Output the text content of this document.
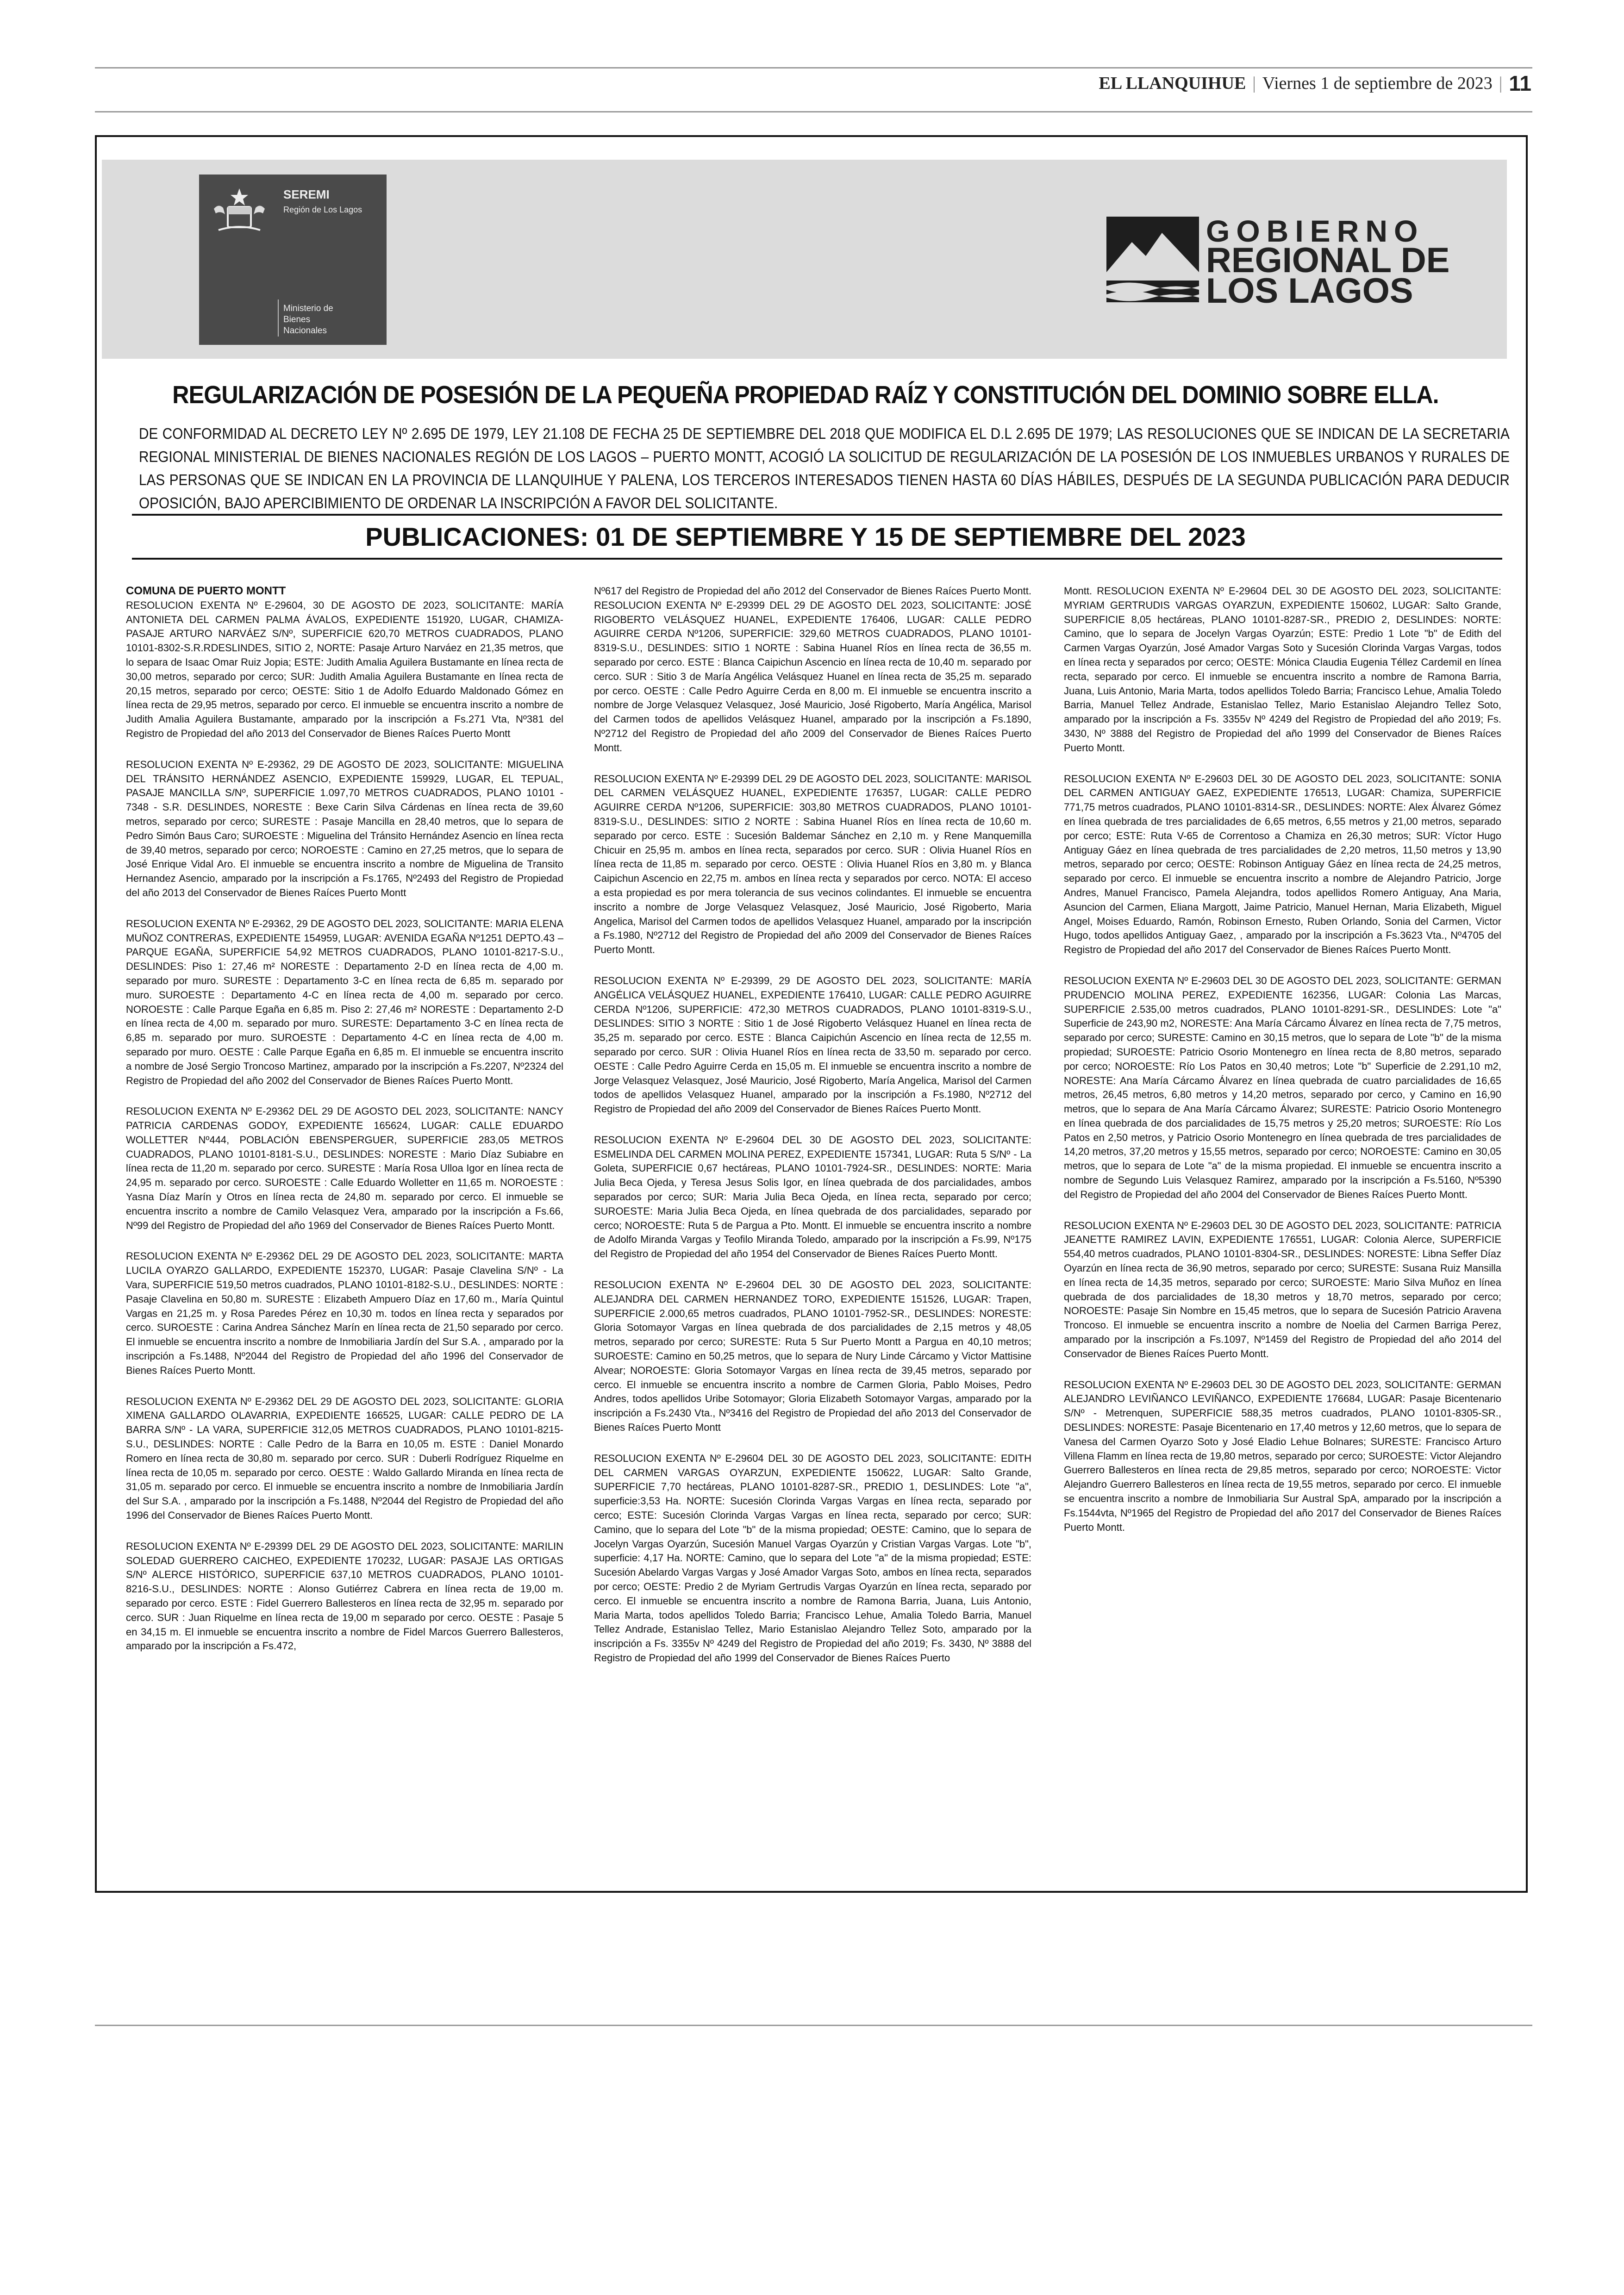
EL LLANQUIHUE | Viernes 1 de septiembre de 2023 | 11
SEREMI
Región de Los Lagos
Ministerio de
Bienes
Nacionales
GOBIERNO
REGIONAL DE
LOS LAGOS
REGULARIZACIÓN DE POSESIÓN DE LA PEQUEÑA PROPIEDAD RAÍZ Y CONSTITUCIÓN DEL DOMINIO SOBRE ELLA.
DE CONFORMIDAD AL DECRETO LEY Nº 2.695 DE 1979, LEY 21.108 DE FECHA 25 DE SEPTIEMBRE DEL 2018 QUE MODIFICA EL D.L 2.695 DE 1979; LAS RESOLUCIONES QUE SE INDICAN DE LA SECRETARIA REGIONAL MINISTERIAL DE BIENES NACIONALES REGIÓN DE LOS LAGOS – PUERTO MONTT, ACOGIÓ LA SOLICITUD DE REGULARIZACIÓN DE LA POSESIÓN DE LOS INMUEBLES URBANOS Y RURALES DE LAS PERSONAS QUE SE INDICAN EN LA PROVINCIA DE LLANQUIHUE Y PALENA, LOS TERCEROS INTERESADOS TIENEN HASTA 60 DÍAS HÁBILES, DESPUÉS DE LA SEGUNDA PUBLICACIÓN PARA DEDUCIR OPOSICIÓN, BAJO APERCIBIMIENTO DE ORDENAR LA INSCRIPCIÓN A FAVOR DEL SOLICITANTE.
PUBLICACIONES: 01 DE SEPTIEMBRE Y 15 DE SEPTIEMBRE DEL 2023
COMUNA DE PUERTO MONTT

RESOLUCION EXENTA Nº E-29604, 30 DE AGOSTO DE 2023, SOLICITANTE: MARÍA ANTONIETA DEL CARMEN PALMA ÁVALOS, EXPEDIENTE 151920, LUGAR, CHAMIZA- PASAJE ARTURO NARVÁEZ S/Nº, SUPERFICIE 620,70 METROS CUADRADOS, PLANO 10101-8302-S.R.RDESLINDES, SITIO 2, NORTE: Pasaje Arturo Narváez en 21,35 metros, que lo separa de Isaac Omar Ruiz Jopia; ESTE: Judith Amalia Aguilera Bustamante en línea recta de 30,00 metros, separado por cerco; SUR: Judith Amalia Aguilera Bustamante en línea recta de 20,15 metros, separado por cerco; OESTE: Sitio 1 de Adolfo Eduardo Maldonado Gómez en línea recta de 29,95 metros, separado por cerco. El inmueble se encuentra inscrito a nombre de Judith Amalia Aguilera Bustamante, amparado por la inscripción a Fs.271 Vta, Nº381 del Registro de Propiedad del año 2013 del Conservador de Bienes Raíces Puerto Montt

RESOLUCION EXENTA Nº E-29362, 29 DE AGOSTO DE 2023, SOLICITANTE: MIGUELINA DEL TRÁNSITO HERNÁNDEZ ASENCIO, EXPEDIENTE 159929, LUGAR, EL TEPUAL, PASAJE MANCILLA S/Nº, SUPERFICIE 1.097,70 METROS CUADRADOS, PLANO 10101 - 7348 - S.R. DESLINDES, NORESTE : Bexe Carin Silva Cárdenas en línea recta de 39,60 metros, separado por cerco; SURESTE : Pasaje Mancilla en 28,40 metros, que lo separa de Pedro Simón Baus Caro; SUROESTE : Miguelina del Tránsito Hernández Asencio en línea recta de 39,40 metros, separado por cerco; NOROESTE : Camino en 27,25 metros, que lo separa de José Enrique Vidal Aro. El inmueble se encuentra inscrito a nombre de Miguelina de Transito Hernandez Asencio, amparado por la inscripción a Fs.1765, Nº2493 del Registro de Propiedad del año 2013 del Conservador de Bienes Raíces Puerto Montt

RESOLUCION EXENTA Nº E-29362, 29 DE AGOSTO DEL 2023, SOLICITANTE: MARIA ELENA MUÑOZ CONTRERAS, EXPEDIENTE 154959, LUGAR: AVENIDA EGAÑA Nº1251 DEPTO.43 – PARQUE EGAÑA, SUPERFICIE 54,92 METROS CUADRADOS, PLANO 10101-8217-S.U., DESLINDES: Piso 1: 27,46 m² NORESTE : Departamento 2-D en línea recta de 4,00 m. separado por muro. SURESTE : Departamento 3-C en línea recta de 6,85 m. separado por muro. SUROESTE : Departamento 4-C en línea recta de 4,00 m. separado por cerco. NOROESTE : Calle Parque Egaña en 6,85 m. Piso 2: 27,46 m² NORESTE : Departamento 2-D en línea recta de 4,00 m. separado por muro. SURESTE: Departamento 3-C en línea recta de 6,85 m. separado por muro. SUROESTE : Departamento 4-C en línea recta de 4,00 m. separado por muro. OESTE : Calle Parque Egaña en 6,85 m. El inmueble se encuentra inscrito a nombre de José Sergio Troncoso Martinez, amparado por la inscripción a Fs.2207, Nº2324 del Registro de Propiedad del año 2002 del Conservador de Bienes Raíces Puerto Montt.

RESOLUCION EXENTA Nº E-29362 DEL 29 DE AGOSTO DEL 2023, SOLICITANTE: NANCY PATRICIA CARDENAS GODOY, EXPEDIENTE 165624, LUGAR: CALLE EDUARDO WOLLETTER Nº444, POBLACIÓN EBENSPERGUER, SUPERFICIE 283,05 METROS CUADRADOS, PLANO 10101-8181-S.U., DESLINDES: NORESTE : Mario Díaz Subiabre en línea recta de 11,20 m. separado por cerco. SURESTE : María Rosa Ulloa Igor en línea recta de 24,95 m. separado por cerco. SUROESTE : Calle Eduardo Wolletter en 11,65 m. NOROESTE : Yasna Díaz Marín y Otros en línea recta de 24,80 m. separado por cerco. El inmueble se encuentra inscrito a nombre de Camilo Velasquez Vera, amparado por la inscripción a Fs.66, Nº99 del Registro de Propiedad del año 1969 del Conservador de Bienes Raíces Puerto Montt.

RESOLUCION EXENTA Nº E-29362 DEL 29 DE AGOSTO DEL 2023, SOLICITANTE: MARTA LUCILA OYARZO GALLARDO, EXPEDIENTE 152370, LUGAR: Pasaje Clavelina S/Nº - La Vara, SUPERFICIE 519,50 metros cuadrados, PLANO 10101-8182-S.U., DESLINDES: NORTE : Pasaje Clavelina en 50,80 m. SURESTE : Elizabeth Ampuero Díaz en 17,60 m., María Quintul Vargas en 21,25 m. y Rosa Paredes Pérez en 10,30 m. todos en línea recta y separados por cerco. SUROESTE : Carina Andrea Sánchez Marín en línea recta de 21,50 separado por cerco. El inmueble se encuentra inscrito a nombre de Inmobiliaria Jardín del Sur S.A. , amparado por la inscripción a Fs.1488, Nº2044 del Registro de Propiedad del año 1996 del Conservador de Bienes Raíces Puerto Montt.

RESOLUCION EXENTA Nº E-29362 DEL 29 DE AGOSTO DEL 2023, SOLICITANTE: GLORIA XIMENA GALLARDO OLAVARRIA, EXPEDIENTE 166525, LUGAR: CALLE PEDRO DE LA BARRA S/Nº - LA VARA, SUPERFICIE 312,05 METROS CUADRADOS, PLANO 10101-8215-S.U., DESLINDES: NORTE : Calle Pedro de la Barra en 10,05 m. ESTE : Daniel Monardo Romero en línea recta de 30,80 m. separado por cerco. SUR : Duberli Rodríguez Riquelme en línea recta de 10,05 m. separado por cerco. OESTE : Waldo Gallardo Miranda en línea recta de 31,05 m. separado por cerco. El inmueble se encuentra inscrito a nombre de Inmobiliaria Jardín del Sur S.A. , amparado por la inscripción a Fs.1488, Nº2044 del Registro de Propiedad del año 1996 del Conservador de Bienes Raíces Puerto Montt.

RESOLUCION EXENTA Nº E-29399 DEL 29 DE AGOSTO DEL 2023, SOLICITANTE: MARILIN SOLEDAD GUERRERO CAICHEO, EXPEDIENTE 170232, LUGAR: PASAJE LAS ORTIGAS S/Nº ALERCE HISTÓRICO, SUPERFICIE 637,10 METROS CUADRADOS, PLANO 10101-8216-S.U., DESLINDES: NORTE : Alonso Gutiérrez Cabrera en línea recta de 19,00 m. separado por cerco. ESTE : Fidel Guerrero Ballesteros en línea recta de 32,95 m. separado por cerco. SUR : Juan Riquelme en línea recta de 19,00 m separado por cerco. OESTE : Pasaje 5 en 34,15 m. El inmueble se encuentra inscrito a nombre de Fidel Marcos Guerrero Ballesteros, amparado por la inscripción a Fs.472,

Nº617 del Registro de Propiedad del año 2012 del Conservador de Bienes Raíces Puerto Montt. RESOLUCION EXENTA Nº E-29399 DEL 29 DE AGOSTO DEL 2023, SOLICITANTE: JOSÉ RIGOBERTO VELÁSQUEZ HUANEL, EXPEDIENTE 176406, LUGAR: CALLE PEDRO AGUIRRE CERDA Nº1206, SUPERFICIE: 329,60 METROS CUADRADOS, PLANO 10101-8319-S.U., DESLINDES: SITIO 1 NORTE : Sabina Huanel Ríos en línea recta de 36,55 m. separado por cerco. ESTE : Blanca Caipichun Ascencio en línea recta de 10,40 m. separado por cerco. SUR : Sitio 3 de María Angélica Velásquez Huanel en línea recta de 35,25 m. separado por cerco. OESTE : Calle Pedro Aguirre Cerda en 8,00 m. El inmueble se encuentra inscrito a nombre de Jorge Velasquez Velasquez, José Mauricio, José Rigoberto, María Angélica, Marisol del Carmen todos de apellidos Velásquez Huanel, amparado por la inscripción a Fs.1890, Nº2712 del Registro de Propiedad del año 2009 del Conservador de Bienes Raíces Puerto Montt.

RESOLUCION EXENTA Nº E-29399 DEL 29 DE AGOSTO DEL 2023, SOLICITANTE: MARISOL DEL CARMEN VELÁSQUEZ HUANEL, EXPEDIENTE 176357, LUGAR: CALLE PEDRO AGUIRRE CERDA Nº1206, SUPERFICIE: 303,80 METROS CUADRADOS, PLANO 10101-8319-S.U., DESLINDES: SITIO 2 NORTE : Sabina Huanel Ríos en línea recta de 10,60 m. separado por cerco. ESTE : Sucesión Baldemar Sánchez en 2,10 m. y Rene Manquemilla Chicuir en 25,95 m. ambos en línea recta, separados por cerco. SUR : Olivia Huanel Ríos en línea recta de 11,85 m. separado por cerco. OESTE : Olivia Huanel Ríos en 3,80 m. y Blanca Caipichun Ascencio en 22,75 m. ambos en línea recta y separados por cerco. NOTA: El acceso a esta propiedad es por mera tolerancia de sus vecinos colindantes. El inmueble se encuentra inscrito a nombre de Jorge Velasquez Velasquez, José Mauricio, José Rigoberto, Maria Angelica, Marisol del Carmen todos de apellidos Velasquez Huanel, amparado por la inscripción a Fs.1980, Nº2712 del Registro de Propiedad del año 2009 del Conservador de Bienes Raíces Puerto Montt.

RESOLUCION EXENTA Nº E-29399, 29 DE AGOSTO DEL 2023, SOLICITANTE: MARÍA ANGÉLICA VELÁSQUEZ HUANEL, EXPEDIENTE 176410, LUGAR: CALLE PEDRO AGUIRRE CERDA Nº1206, SUPERFICIE: 472,30 METROS CUADRADOS, PLANO 10101-8319-S.U., DESLINDES: SITIO 3 NORTE : Sitio 1 de José Rigoberto Velásquez Huanel en línea recta de 35,25 m. separado por cerco. ESTE : Blanca Caipichún Ascencio en línea recta de 12,55 m. separado por cerco. SUR : Olivia Huanel Ríos en línea recta de 33,50 m. separado por cerco. OESTE : Calle Pedro Aguirre Cerda en 15,05 m. El inmueble se encuentra inscrito a nombre de Jorge Velasquez Velasquez, José Mauricio, José Rigoberto, María Angelica, Marisol del Carmen todos de apellidos Velasquez Huanel, amparado por la inscripción a Fs.1980, Nº2712 del Registro de Propiedad del año 2009 del Conservador de Bienes Raíces Puerto Montt.

RESOLUCION EXENTA Nº E-29604 DEL 30 DE AGOSTO DEL 2023, SOLICITANTE: ESMELINDA DEL CARMEN MOLINA PEREZ, EXPEDIENTE 157341, LUGAR: Ruta 5 S/Nº - La Goleta, SUPERFICIE 0,67 hectáreas, PLANO 10101-7924-SR., DESLINDES: NORTE: Maria Julia Beca Ojeda, y Teresa Jesus Solis Igor, en línea quebrada de dos parcialidades, ambos separados por cerco; SUR: Maria Julia Beca Ojeda, en línea recta, separado por cerco; SUROESTE: Maria Julia Beca Ojeda, en línea quebrada de dos parcialidades, separado por cerco; NOROESTE: Ruta 5 de Pargua a Pto. Montt. El inmueble se encuentra inscrito a nombre de Adolfo Miranda Vargas y Teofilo Miranda Toledo, amparado por la inscripción a Fs.99, Nº175 del Registro de Propiedad del año 1954 del Conservador de Bienes Raíces Puerto Montt.

RESOLUCION EXENTA Nº E-29604 DEL 30 DE AGOSTO DEL 2023, SOLICITANTE: ALEJANDRA DEL CARMEN HERNANDEZ TORO, EXPEDIENTE 151526, LUGAR: Trapen, SUPERFICIE 2.000,65 metros cuadrados, PLANO 10101-7952-SR., DESLINDES: NORESTE: Gloria Sotomayor Vargas en línea quebrada de dos parcialidades de 2,15 metros y 48,05 metros, separado por cerco; SURESTE: Ruta 5 Sur Puerto Montt a Pargua en 40,10 metros; SUROESTE: Camino en 50,25 metros, que lo separa de Nury Linde Cárcamo y Victor Mattisine Alvear; NOROESTE: Gloria Sotomayor Vargas en línea recta de 39,45 metros, separado por cerco. El inmueble se encuentra inscrito a nombre de Carmen Gloria, Pablo Moises, Pedro Andres, todos apellidos Uribe Sotomayor; Gloria Elizabeth Sotomayor Vargas, amparado por la inscripción a Fs.2430 Vta., Nº3416 del Registro de Propiedad del año 2013 del Conservador de Bienes Raíces Puerto Montt

RESOLUCION EXENTA Nº E-29604 DEL 30 DE AGOSTO DEL 2023, SOLICITANTE: EDITH DEL CARMEN VARGAS OYARZUN, EXPEDIENTE 150622, LUGAR: Salto Grande, SUPERFICIE 7,70 hectáreas, PLANO 10101-8287-SR., PREDIO 1, DESLINDES: Lote "a", superficie:3,53 Ha. NORTE: Sucesión Clorinda Vargas Vargas en línea recta, separado por cerco; ESTE: Sucesión Clorinda Vargas Vargas en línea recta, separado por cerco; SUR: Camino, que lo separa del Lote "b" de la misma propiedad; OESTE: Camino, que lo separa de Jocelyn Vargas Oyarzún, Sucesión Manuel Vargas Oyarzún y Cristian Vargas Vargas. Lote "b", superficie: 4,17 Ha. NORTE: Camino, que lo separa del Lote "a" de la misma propiedad; ESTE: Sucesión Abelardo Vargas Vargas y José Amador Vargas Soto, ambos en línea recta, separados por cerco; OESTE: Predio 2 de Myriam Gertrudis Vargas Oyarzún en línea recta, separado por cerco. El inmueble se encuentra inscrito a nombre de Ramona Barria, Juana, Luis Antonio, Maria Marta, todos apellidos Toledo Barria; Francisco Lehue, Amalia Toledo Barria, Manuel Tellez Andrade, Estanislao Tellez, Mario Estanislao Alejandro Tellez Soto, amparado por la inscripción a Fs. 3355v Nº 4249 del Registro de Propiedad del año 2019; Fs. 3430, Nº 3888 del Registro de Propiedad del año 1999 del Conservador de Bienes Raíces Puerto

Montt. RESOLUCION EXENTA Nº E-29604 DEL 30 DE AGOSTO DEL 2023, SOLICITANTE: MYRIAM GERTRUDIS VARGAS OYARZUN, EXPEDIENTE 150602, LUGAR: Salto Grande, SUPERFICIE 8,05 hectáreas, PLANO 10101-8287-SR., PREDIO 2, DESLINDES: NORTE: Camino, que lo separa de Jocelyn Vargas Oyarzún; ESTE: Predio 1 Lote "b" de Edith del Carmen Vargas Oyarzún, José Amador Vargas Soto y Sucesión Clorinda Vargas Vargas, todos en línea recta y separados por cerco; OESTE: Mónica Claudia Eugenia Téllez Cardemil en línea recta, separado por cerco. El inmueble se encuentra inscrito a nombre de Ramona Barria, Juana, Luis Antonio, Maria Marta, todos apellidos Toledo Barria; Francisco Lehue, Amalia Toledo Barria, Manuel Tellez Andrade, Estanislao Tellez, Mario Estanislao Alejandro Tellez Soto, amparado por la inscripción a Fs. 3355v Nº 4249 del Registro de Propiedad del año 2019; Fs. 3430, Nº 3888 del Registro de Propiedad del año 1999 del Conservador de Bienes Raíces Puerto Montt.

RESOLUCION EXENTA Nº E-29603 DEL 30 DE AGOSTO DEL 2023, SOLICITANTE: SONIA DEL CARMEN ANTIGUAY GAEZ, EXPEDIENTE 176513, LUGAR: Chamiza, SUPERFICIE 771,75 metros cuadrados, PLANO 10101-8314-SR., DESLINDES: NORTE: Alex Álvarez Gómez en línea quebrada de tres parcialidades de 6,65 metros, 6,55 metros y 21,00 metros, separado por cerco; ESTE: Ruta V-65 de Correntoso a Chamiza en 26,30 metros; SUR: Víctor Hugo Antiguay Gáez en línea quebrada de tres parcialidades de 2,20 metros, 11,50 metros y 13,90 metros, separado por cerco; OESTE: Robinson Antiguay Gáez en línea recta de 24,25 metros, separado por cerco. El inmueble se encuentra inscrito a nombre de Alejandro Patricio, Jorge Andres, Manuel Francisco, Pamela Alejandra, todos apellidos Romero Antiguay, Ana Maria, Asuncion del Carmen, Eliana Margott, Jaime Patricio, Manuel Hernan, Maria Elizabeth, Miguel Angel, Moises Eduardo, Ramón, Robinson Ernesto, Ruben Orlando, Sonia del Carmen, Victor Hugo, todos apellidos Antiguay Gaez, , amparado por la inscripción a Fs.3623 Vta., Nº4705 del Registro de Propiedad del año 2017 del Conservador de Bienes Raíces Puerto Montt.

RESOLUCION EXENTA Nº E-29603 DEL 30 DE AGOSTO DEL 2023, SOLICITANTE: GERMAN PRUDENCIO MOLINA PEREZ, EXPEDIENTE 162356, LUGAR: Colonia Las Marcas, SUPERFICIE 2.535,00 metros cuadrados, PLANO 10101-8291-SR., DESLINDES: Lote "a" Superficie de 243,90 m2, NORESTE: Ana María Cárcamo Álvarez en línea recta de 7,75 metros, separado por cerco; SURESTE: Camino en 30,15 metros, que lo separa de Lote "b" de la misma propiedad; SUROESTE: Patricio Osorio Montenegro en línea recta de 8,80 metros, separado por cerco; NOROESTE: Río Los Patos en 30,40 metros; Lote "b" Superficie de 2.291,10 m2, NORESTE: Ana María Cárcamo Álvarez en línea quebrada de cuatro parcialidades de 16,65 metros, 26,45 metros, 6,80 metros y 14,20 metros, separado por cerco, y Camino en 16,90 metros, que lo separa de Ana María Cárcamo Álvarez; SURESTE: Patricio Osorio Montenegro en línea quebrada de dos parcialidades de 15,75 metros y 25,20 metros; SUROESTE: Río Los Patos en 2,50 metros, y Patricio Osorio Montenegro en línea quebrada de tres parcialidades de 14,20 metros, 37,20 metros y 15,55 metros, separado por cerco; NOROESTE: Camino en 30,05 metros, que lo separa de Lote "a" de la misma propiedad. El inmueble se encuentra inscrito a nombre de Segundo Luis Velasquez Ramirez, amparado por la inscripción a Fs.5160, Nº5390 del Registro de Propiedad del año 2004 del Conservador de Bienes Raíces Puerto Montt.

RESOLUCION EXENTA Nº E-29603 DEL 30 DE AGOSTO DEL 2023, SOLICITANTE: PATRICIA JEANETTE RAMIREZ LAVIN, EXPEDIENTE 176551, LUGAR: Colonia Alerce, SUPERFICIE 554,40 metros cuadrados, PLANO 10101-8304-SR., DESLINDES: NORESTE: Libna Seffer Díaz Oyarzún en línea recta de 36,90 metros, separado por cerco; SURESTE: Susana Ruiz Mansilla en línea recta de 14,35 metros, separado por cerco; SUROESTE: Mario Silva Muñoz en línea quebrada de dos parcialidades de 18,30 metros y 18,70 metros, separado por cerco; NOROESTE: Pasaje Sin Nombre en 15,45 metros, que lo separa de Sucesión Patricio Aravena Troncoso. El inmueble se encuentra inscrito a nombre de Noelia del Carmen Barriga Perez, amparado por la inscripción a Fs.1097, Nº1459 del Registro de Propiedad del año 2014 del Conservador de Bienes Raíces Puerto Montt.

RESOLUCION EXENTA Nº E-29603 DEL 30 DE AGOSTO DEL 2023, SOLICITANTE: GERMAN ALEJANDRO LEVIÑANCO LEVIÑANCO, EXPEDIENTE 176684, LUGAR: Pasaje Bicentenario S/Nº - Metrenquen, SUPERFICIE 588,35 metros cuadrados, PLANO 10101-8305-SR., DESLINDES: NORESTE: Pasaje Bicentenario en 17,40 metros y 12,60 metros, que lo separa de Vanesa del Carmen Oyarzo Soto y José Eladio Lehue Bolnares; SURESTE: Francisco Arturo Villena Flamm en línea recta de 19,80 metros, separado por cerco; SUROESTE: Victor Alejandro Guerrero Ballesteros en línea recta de 29,85 metros, separado por cerco; NOROESTE: Victor Alejandro Guerrero Ballesteros en línea recta de 19,55 metros, separado por cerco. El inmueble se encuentra inscrito a nombre de Inmobiliaria Sur Austral SpA, amparado por la inscripción a Fs.1544vta, Nº1965 del Registro de Propiedad del año 2017 del Conservador de Bienes Raíces Puerto Montt.
